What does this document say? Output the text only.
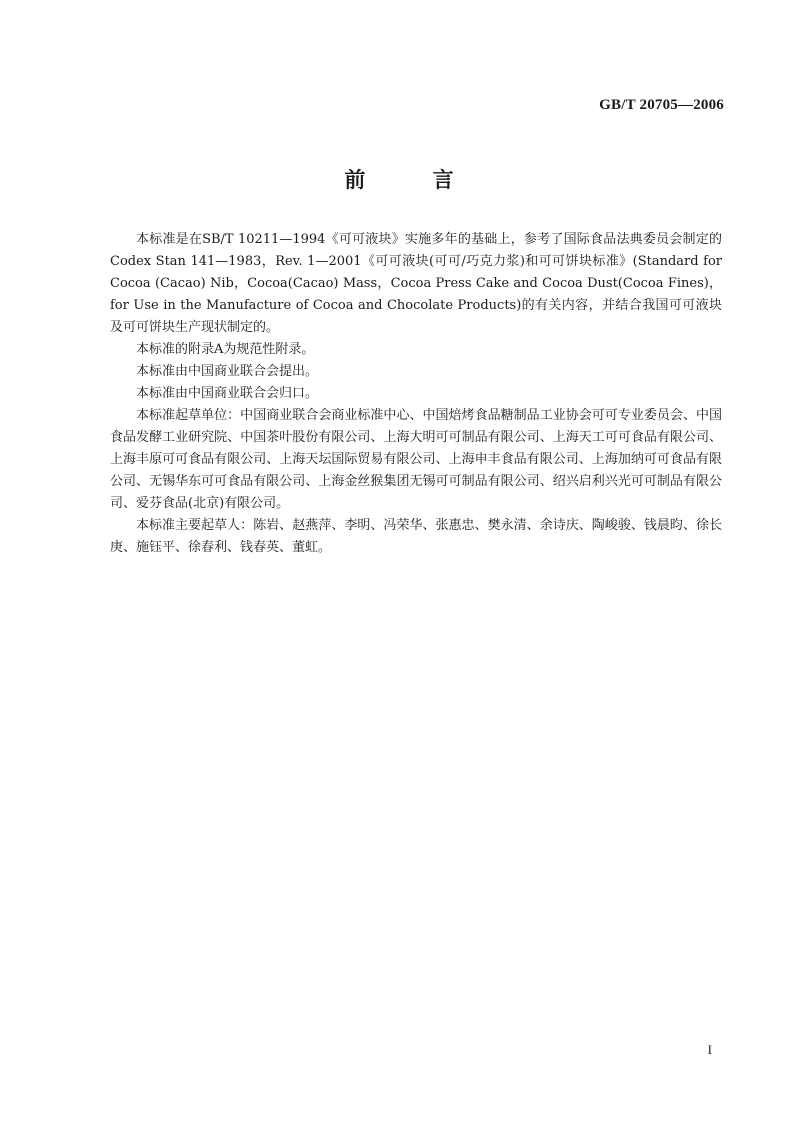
GB/T 20705—2006
前 言

本标准是在SB/T 10211—1994《可可液块》实施多年的基础上，参考了国际食品法典委员会制定的Codex Stan 141—1983，Rev. 1—2001《可可液块(可可/巧克力浆)和可可饼块标准》(Standard for Cocoa (Cacao) Nib，Cocoa(Cacao) Mass，Cocoa Press Cake and Cocoa Dust(Cocoa Fines)，for Use in the Manufacture of Cocoa and Chocolate Products)的有关内容，并结合我国可可液块及可可饼块生产现状制定的。

本标准的附录A为规范性附录。

本标准由中国商业联合会提出。

本标准由中国商业联合会归口。

本标准起草单位：中国商业联合会商业标准中心、中国焙烤食品糖制品工业协会可可专业委员会、中国食品发酵工业研究院、中国茶叶股份有限公司、上海大明可可制品有限公司、上海天工可可食品有限公司、上海丰原可可食品有限公司、上海天坛国际贸易有限公司、上海申丰食品有限公司、上海加纳可可食品有限公司、无锡华东可可食品有限公司、上海金丝猴集团无锡可可制品有限公司、绍兴启利兴光可可制品有限公司、爱芬食品(北京)有限公司。

本标准主要起草人：陈岩、赵燕萍、李明、冯荣华、张惠忠、樊永清、余诗庆、陶峻骏、钱晨昀、徐长庚、施钰平、徐春利、钱春英、董虹。

I
